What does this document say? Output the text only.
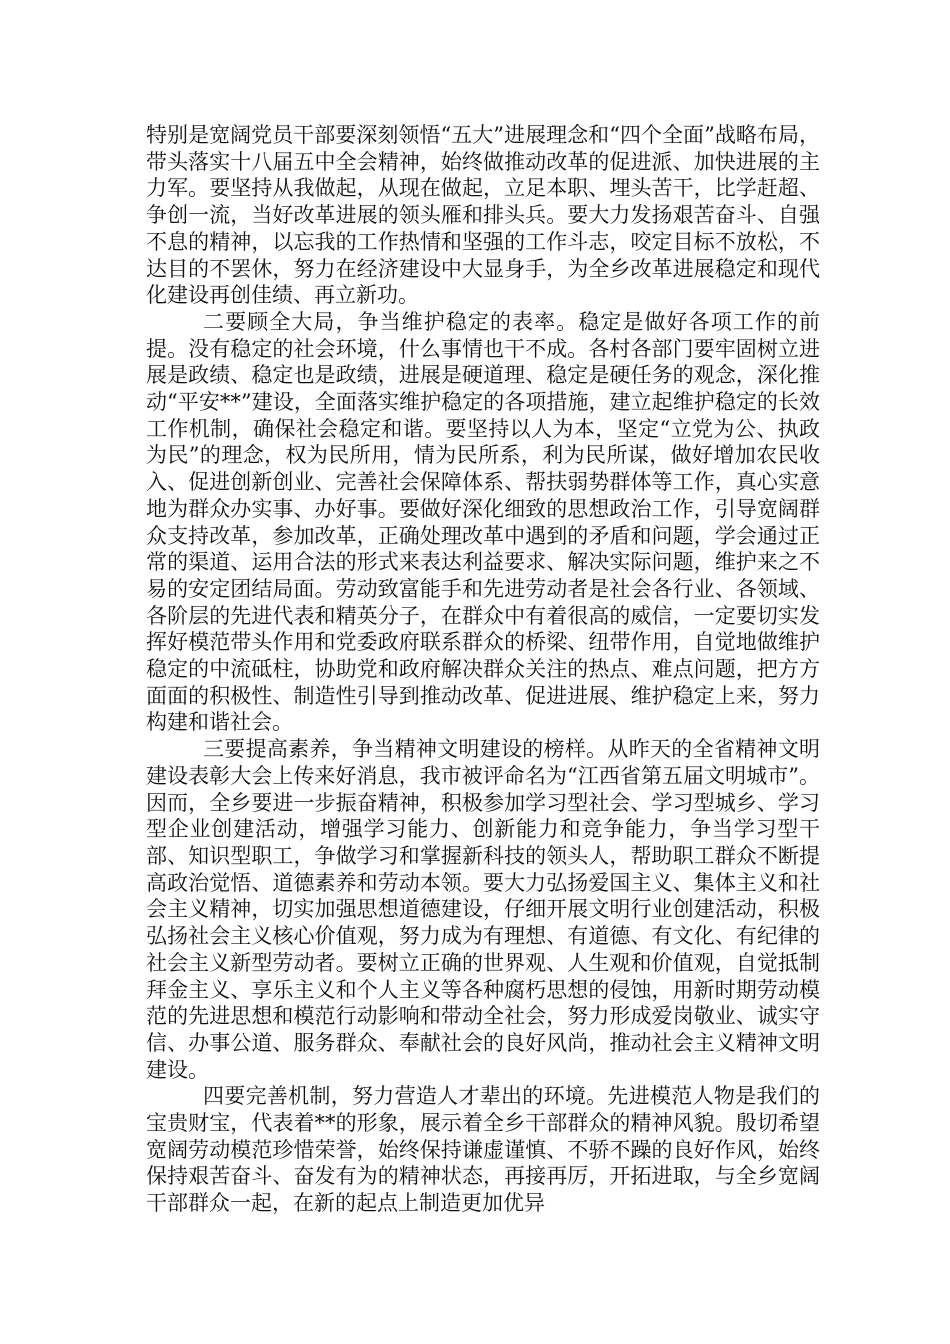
特别是宽阔党员干部要深刻领悟“五大”进展理念和“四个全面”战略布局，带头落实十八届五中全会精神，始终做推动改革的促进派、加快进展的主力军。要坚持从我做起，从现在做起，立足本职、埋头苦干，比学赶超、争创一流，当好改革进展的领头雁和排头兵。要大力发扬艰苦奋斗、自强不息的精神，以忘我的工作热情和坚强的工作斗志，咬定目标不放松，不达目的不罢休，努力在经济建设中大显身手，为全乡改革进展稳定和现代化建设再创佳绩、再立新功。

二要顾全大局，争当维护稳定的表率。稳定是做好各项工作的前提。没有稳定的社会环境，什么事情也干不成。各村各部门要牢固树立进展是政绩、稳定也是政绩，进展是硬道理、稳定是硬任务的观念，深化推动“平安**”建设，全面落实维护稳定的各项措施，建立起维护稳定的长效工作机制，确保社会稳定和谐。要坚持以人为本，坚定“立党为公、执政为民”的理念，权为民所用，情为民所系，利为民所谋，做好增加农民收入、促进创新创业、完善社会保障体系、帮扶弱势群体等工作，真心实意地为群众办实事、办好事。要做好深化细致的思想政治工作，引导宽阔群众支持改革，参加改革，正确处理改革中遇到的矛盾和问题，学会通过正常的渠道、运用合法的形式来表达利益要求、解决实际问题，维护来之不易的安定团结局面。劳动致富能手和先进劳动者是社会各行业、各领域、各阶层的先进代表和精英分子，在群众中有着很高的威信，一定要切实发挥好模范带头作用和党委政府联系群众的桥梁、纽带作用，自觉地做维护稳定的中流砥柱，协助党和政府解决群众关注的热点、难点问题，把方方面面的积极性、制造性引导到推动改革、促进进展、维护稳定上来，努力构建和谐社会。

三要提高素养，争当精神文明建设的榜样。从昨天的全省精神文明建设表彰大会上传来好消息，我市被评命名为“江西省第五届文明城市”。因而，全乡要进一步振奋精神，积极参加学习型社会、学习型城乡、学习型企业创建活动，增强学习能力、创新能力和竞争能力，争当学习型干部、知识型职工，争做学习和掌握新科技的领头人，帮助职工群众不断提高政治觉悟、道德素养和劳动本领。要大力弘扬爱国主义、集体主义和社会主义精神，切实加强思想道德建设，仔细开展文明行业创建活动，积极弘扬社会主义核心价值观，努力成为有理想、有道德、有文化、有纪律的社会主义新型劳动者。要树立正确的世界观、人生观和价值观，自觉抵制拜金主义、享乐主义和个人主义等各种腐朽思想的侵蚀，用新时期劳动模范的先进思想和模范行动影响和带动全社会，努力形成爱岗敬业、诚实守信、办事公道、服务群众、奉献社会的良好风尚，推动社会主义精神文明建设。

四要完善机制，努力营造人才辈出的环境。先进模范人物是我们的宝贵财宝，代表着**的形象，展示着全乡干部群众的精神风貌。殷切希望宽阔劳动模范珍惜荣誉，始终保持谦虚谨慎、不骄不躁的良好作风，始终保持艰苦奋斗、奋发有为的精神状态，再接再厉，开拓进取，与全乡宽阔干部群众一起，在新的起点上制造更加优异
